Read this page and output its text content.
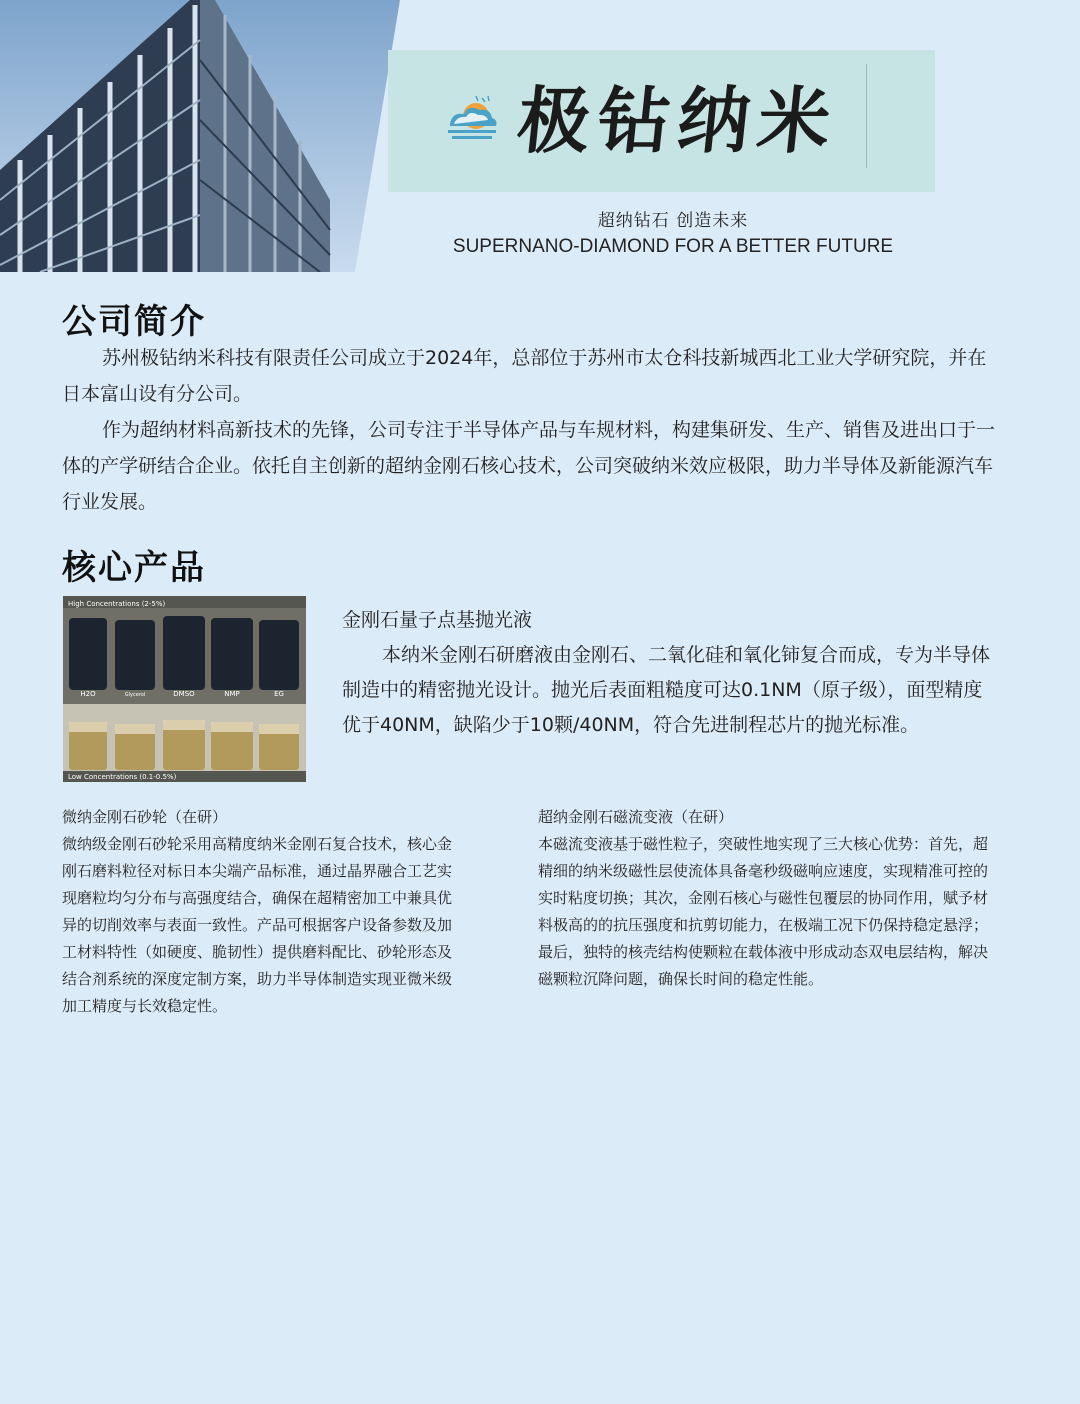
极钻纳米
超纳钻石 创造未来
SUPERNANO-DIAMOND FOR A BETTER FUTURE
公司简介

苏州极钻纳米科技有限责任公司成立于2024年，总部位于苏州市太仓科技新城西北工业大学研究院，并在日本富山设有分公司。

作为超纳材料高新技术的先锋，公司专注于半导体产品与车规材料，构建集研发、生产、销售及进出口于一体的产学研结合企业。依托自主创新的超纳金刚石核心技术，公司突破纳米效应极限，助力半导体及新能源汽车行业发展。

核心产品
High Concentrations (2-5%)
H2O	Glycerol	DMSO	NMP	EG
Low Concentrations (0.1-0.5%)
金刚石量子点基抛光液

本纳米金刚石研磨液由金刚石、二氧化硅和氧化铈复合而成，专为半导体制造中的精密抛光设计。抛光后表面粗糙度可达0.1NM（原子级），面型精度优于40NM，缺陷少于10颗/40NM，符合先进制程芯片的抛光标准。

微纳金刚石砂轮（在研）

微纳级金刚石砂轮采用高精度纳米金刚石复合技术，核心金刚石磨料粒径对标日本尖端产品标准，通过晶界融合工艺实现磨粒均匀分布与高强度结合，确保在超精密加工中兼具优异的切削效率与表面一致性。产品可根据客户设备参数及加工材料特性（如硬度、脆韧性）提供磨料配比、砂轮形态及结合剂系统的深度定制方案，助力半导体制造实现亚微米级加工精度与长效稳定性。

超纳金刚石磁流变液（在研）

本磁流变液基于磁性粒子，突破性地实现了三大核心优势：首先，超精细的纳米级磁性层使流体具备毫秒级磁响应速度，实现精准可控的实时粘度切换；其次，金刚石核心与磁性包覆层的协同作用，赋予材料极高的的抗压强度和抗剪切能力，在极端工况下仍保持稳定悬浮；最后，独特的核壳结构使颗粒在载体液中形成动态双电层结构，解决磁颗粒沉降问题，确保长时间的稳定性能。
